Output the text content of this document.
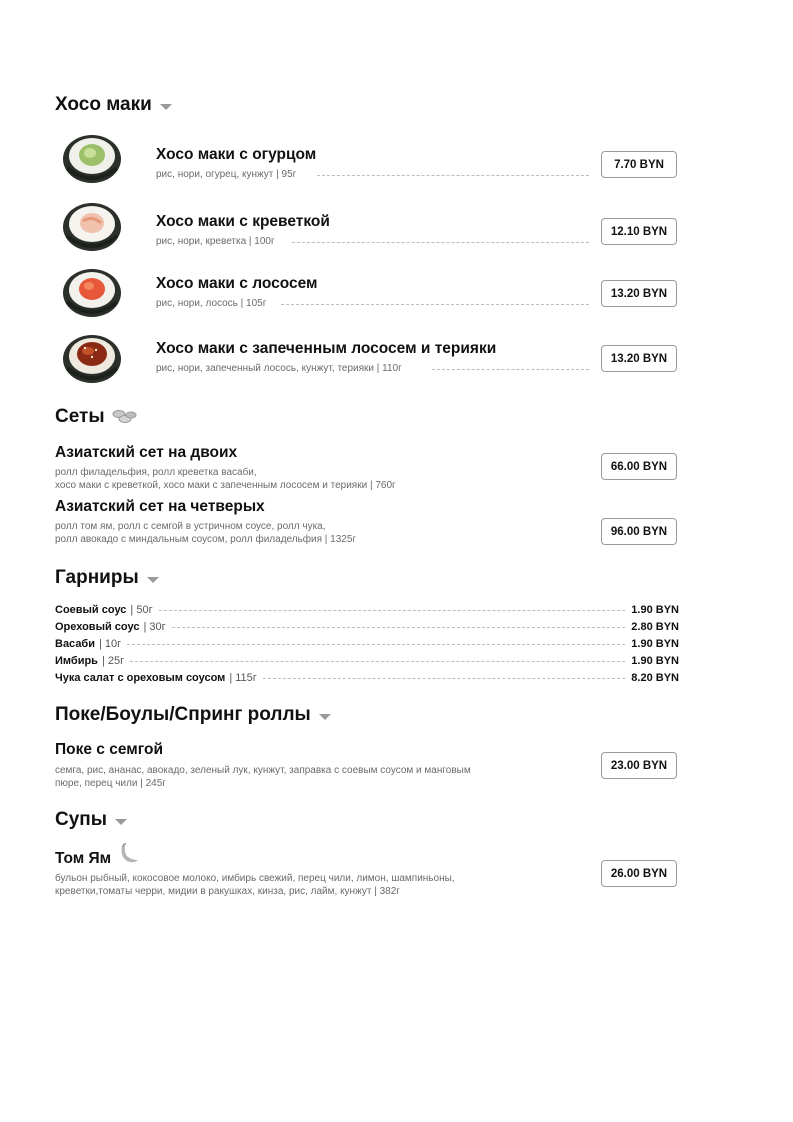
Хосо маки
Хосо маки с огурцом
рис, нори, огурец, кунжут | 95г
7.70 BYN
Хосо маки с креветкой
рис, нори, креветка | 100г
12.10 BYN
Хосо маки с лососем
рис, нори, лосось | 105г
13.20 BYN
Хосо маки с запеченным лососем и терияки
рис, нори, запеченный лосось, кунжут, терияки | 110г
13.20 BYN
Сеты
Азиатский сет на двоих
ролл филадельфия, ролл креветка васаби,
хосо маки с креветкой, хосо маки с запеченным лососем и терияки | 760г
66.00 BYN
Азиатский сет на четверых
ролл том ям, ролл с семгой в устричном соусе, ролл чука,
ролл авокадо с миндальным соусом, ролл филадельфия | 1325г
96.00 BYN
Гарниры
Соевый соус | 50г	1.90 BYN
Ореховый соус | 30г	2.80 BYN
Васаби | 10г	1.90 BYN
Имбирь | 25г	1.90 BYN
Чука салат с ореховым соусом | 115г	8.20 BYN
Поке/Боулы/Спринг роллы
Поке с семгой
семга, рис, ананас, авокадо, зеленый лук, кунжут, заправка с соевым соусом и манговым
пюре, перец чили | 245г
23.00 BYN
Супы
Том Ям
бульон рыбный, кокосовое молоко, имбирь свежий, перец чили, лимон, шампиньоны,
креветки,томаты черри, мидии в ракушках, кинза, рис, лайм, кунжут | 382г
26.00 BYN
